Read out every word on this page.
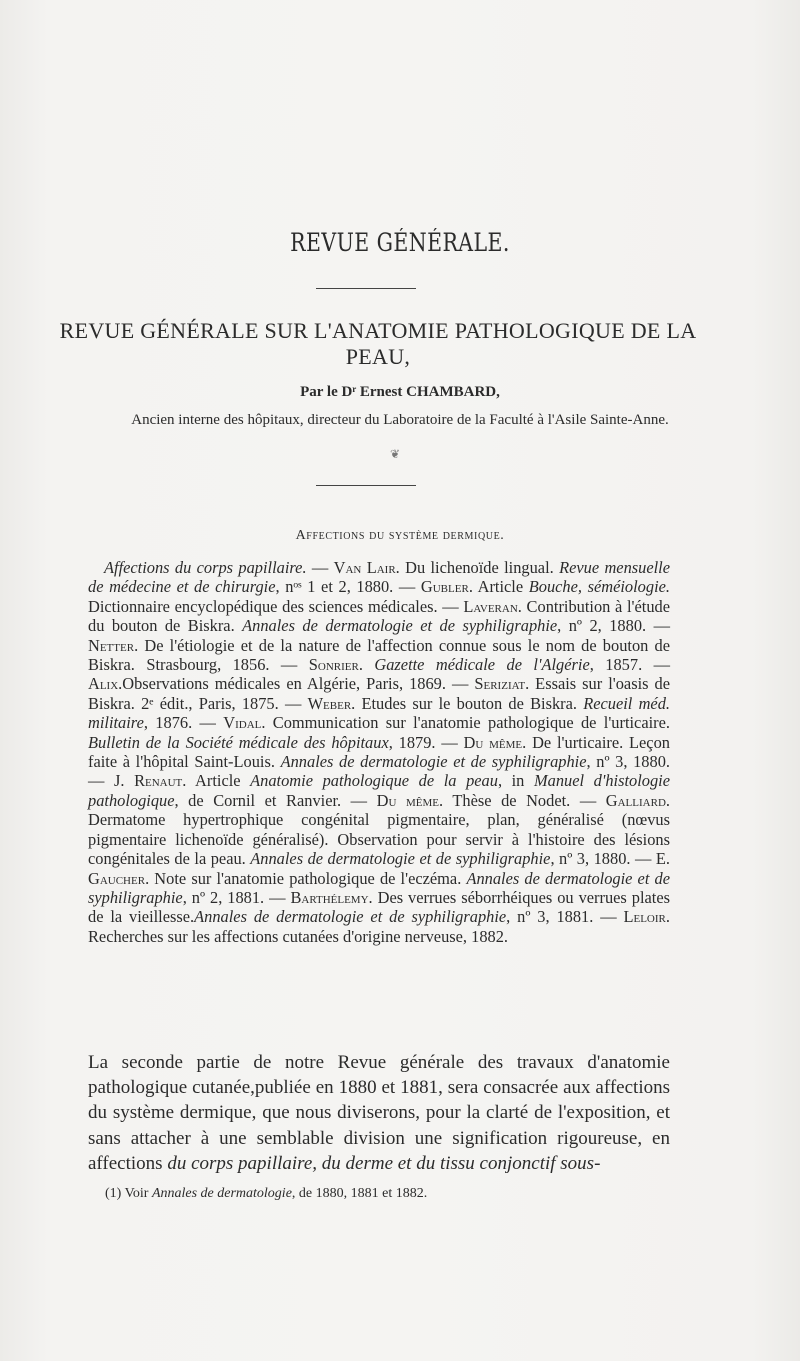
REVUE GÉNÉRALE.
REVUE GÉNÉRALE SUR L'ANATOMIE PATHOLOGIQUE DE LA PEAU,
Par le Dʳ Ernest CHAMBARD,
Ancien interne des hôpitaux, directeur du Laboratoire de la Faculté à l'Asile Sainte-Anne.
❦
Affections du système dermique.
Affections du corps papillaire. — Van Lair. Du lichenoïde lingual. Revue mensuelle de médecine et de chirurgie, nᵒˢ 1 et 2, 1880. — Gubler. Article Bouche, séméiologie. Dictionnaire encyclopédique des sciences médicales. — Laveran. Contribution à l'étude du bouton de Biskra. Annales de dermatologie et de syphiligraphie, nº 2, 1880. — Netter. De l'étiologie et de la nature de l'affection connue sous le nom de bouton de Biskra. Strasbourg, 1856. — Sonrier. Gazette médicale de l'Algérie, 1857. — Alix.Observations médicales en Algérie, Paris, 1869. — Seriziat. Essais sur l'oasis de Biskra. 2ᵉ édit., Paris, 1875. — Weber. Etudes sur le bouton de Biskra. Recueil méd. militaire, 1876. — Vidal. Communication sur l'anatomie pathologique de l'urticaire. Bulletin de la Société médicale des hôpitaux, 1879. — Du même. De l'urticaire. Leçon faite à l'hôpital Saint-Louis. Annales de dermatologie et de syphiligraphie, nº 3, 1880. — J. Renaut. Article Anatomie pathologique de la peau, in Manuel d'histologie pathologique, de Cornil et Ranvier. — Du même. Thèse de Nodet. — Galliard. Dermatome hypertrophique congénital pigmentaire, plan, généralisé (nœvus pigmentaire lichenoïde généralisé). Observation pour servir à l'histoire des lésions congénitales de la peau. Annales de dermatologie et de syphiligraphie, nº 3, 1880. — E. Gaucher. Note sur l'anatomie pathologique de l'eczéma. Annales de dermatologie et de syphiligraphie, nº 2, 1881. — Barthélemy. Des verrues séborrhéiques ou verrues plates de la vieillesse.Annales de dermatologie et de syphiligraphie, nº 3, 1881. — Leloir. Recherches sur les affections cutanées d'origine nerveuse, 1882.
La seconde partie de notre Revue générale des travaux d'anatomie pathologique cutanée,publiée en 1880 et 1881, sera consacrée aux affections du système dermique, que nous diviserons, pour la clarté de l'exposition, et sans attacher à une semblable division une signification rigoureuse, en affections du corps papillaire, du derme et du tissu conjonctif sous-
(1) Voir Annales de dermatologie, de 1880, 1881 et 1882.
